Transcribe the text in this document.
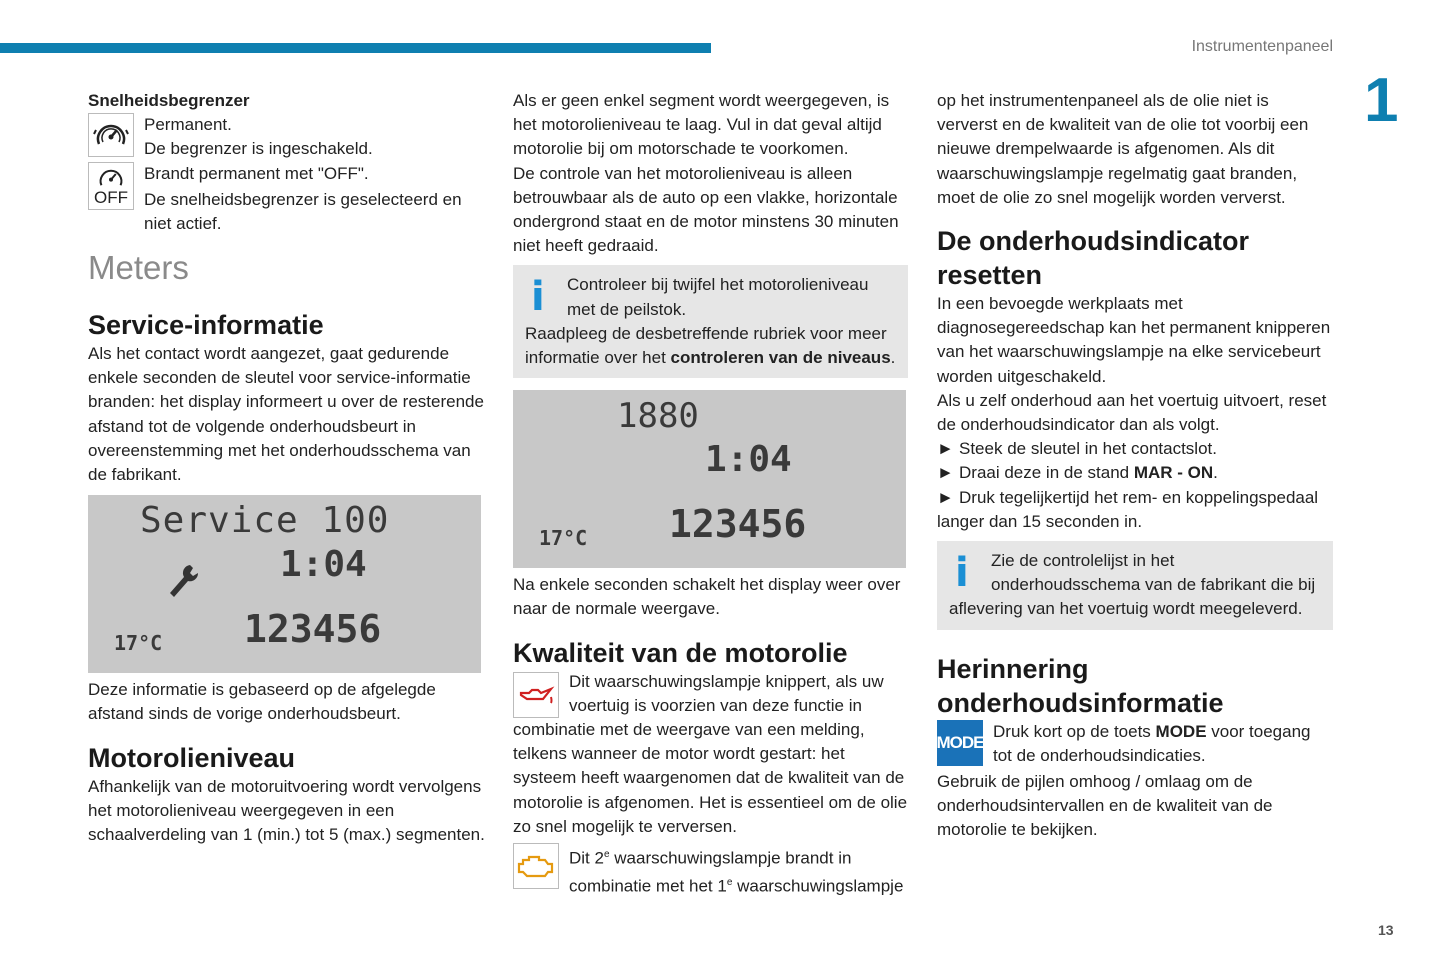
Instrumentenpaneel
1
13

Snelheidsbegrenzer

Permanent.

De begrenzer is ingeschakeld.

OFF

Brandt permanent met "OFF".

De snelheidsbegrenzer is geselecteerd en niet actief.

Meters
Service-informatie

Als het contact wordt aangezet, gaat gedurende enkele seconden de sleutel voor service-informatie branden: het display informeert u over de resterende afstand tot de volgende onderhoudsbeurt in overeenstemming met het onderhoudsschema van de fabrikant.

Service 100
1:04
17°C 123456

Deze informatie is gebaseerd op de afgelegde afstand sinds de vorige onderhoudsbeurt.

Motorolieniveau

Afhankelijk van de motoruitvoering wordt vervolgens het motorolieniveau weergegeven in een schaalverdeling van 1 (min.) tot 5 (max.) segmenten.

Als er geen enkel segment wordt weergegeven, is het motorolieniveau te laag. Vul in dat geval altijd motorolie bij om motorschade te voorkomen.

De controle van het motorolieniveau is alleen betrouwbaar als de auto op een vlakke, horizontale ondergrond staat en de motor minstens 30 minuten niet heeft gedraaid.

i	Controleer bij twijfel het motorolieniveau met de peilstok.

Raadpleeg de desbetreffende rubriek voor meer informatie over het controleren van de niveaus.

1880
1:04
17°C 123456

Na enkele seconden schakelt het display weer over naar de normale weergave.

Kwaliteit van de motorolie

Dit waarschuwingslampje knippert, als uw voertuig is voorzien van deze functie in combinatie met de weergave van een melding, telkens wanneer de motor wordt gestart: het systeem heeft waargenomen dat de kwaliteit van de motorolie is afgenomen. Het is essentieel om de olie zo snel mogelijk te verversen.

Dit 2e waarschuwingslampje brandt in combinatie met het 1e waarschuwingslampje

op het instrumentenpaneel als de olie niet is ververst en de kwaliteit van de olie tot voorbij een nieuwe drempelwaarde is afgenomen. Als dit waarschuwingslampje regelmatig gaat branden, moet de olie zo snel mogelijk worden ververst.

De onderhoudsindicator resetten

In een bevoegde werkplaats met diagnosegereedschap kan het permanent knipperen van het waarschuwingslampje na elke servicebeurt worden uitgeschakeld.

Als u zelf onderhoud aan het voertuig uitvoert, reset de onderhoudsindicator dan als volgt.

► Steek de sleutel in het contactslot.

► Draai deze in de stand MAR - ON.

► Druk tegelijkertijd het rem- en koppelingspedaal langer dan 15 seconden in.

i	Zie de controlelijst in het onderhoudsschema van de fabrikant die bij aflevering van het voertuig wordt meegeleverd.

Herinnering onderhoudsinformatie
MODE

Druk kort op de toets MODE voor toegang tot de onderhoudsindicaties.

Gebruik de pijlen omhoog / omlaag om de onderhoudsintervallen en de kwaliteit van de motorolie te bekijken.
